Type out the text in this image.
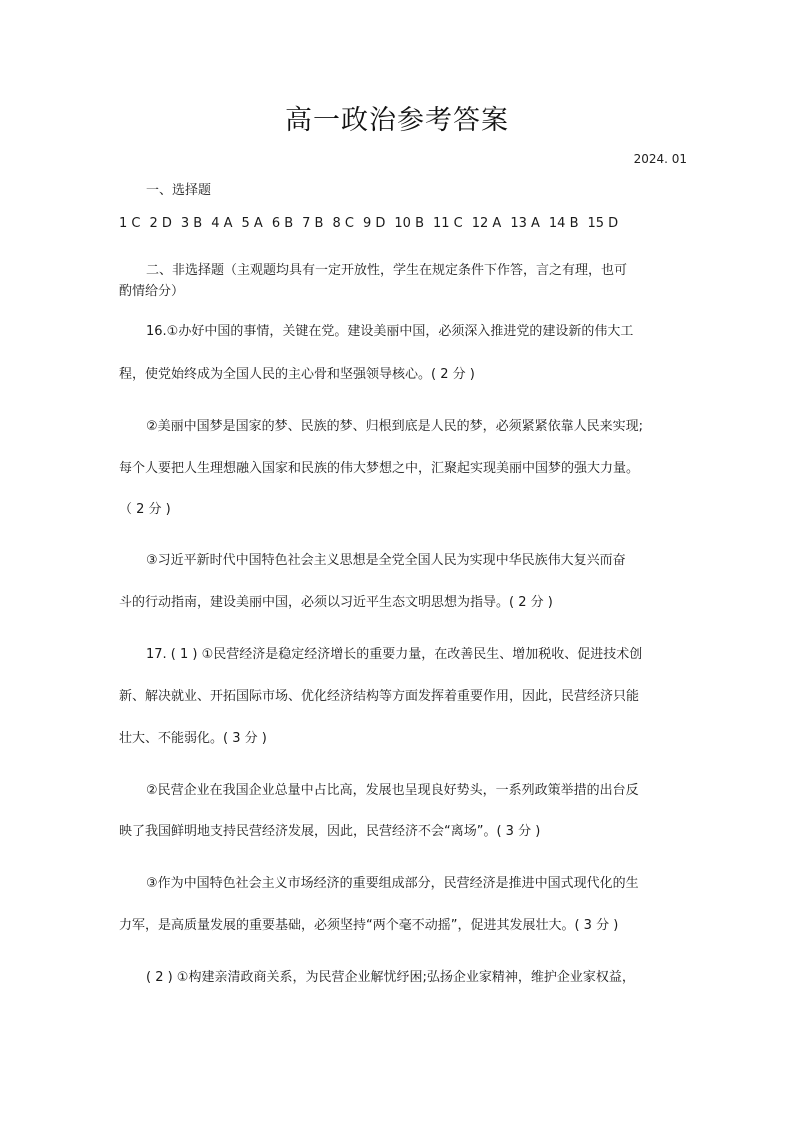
高一政治参考答案
2024. 01
一、选择题
1 C 2 D 3 B 4 A 5 A 6 B 7 B 8 C 9 D 10 B 11 C 12 A 13 A 14 B 15 D
二、非选择题（主观题均具有一定开放性，学生在规定条件下作答，言之有理，也可
酌情给分）
16.①办好中国的事情，关键在党。建设美丽中国，必须深入推进党的建设新的伟大工
程，使党始终成为全国人民的主心骨和坚强领导核心。( 2 分 )
②美丽中国梦是国家的梦、民族的梦、归根到底是人民的梦，必须紧紧依靠人民来实现;
每个人要把人生理想融入国家和民族的伟大梦想之中，汇聚起实现美丽中国梦的强大力量。
（ 2 分 )
③习近平新时代中国特色社会主义思想是全党全国人民为实现中华民族伟大复兴而奋
斗的行动指南，建设美丽中国，必须以习近平生态文明思想为指导。( 2 分 )
17. ( 1 ) ①民营经济是稳定经济增长的重要力量，在改善民生、增加税收、促进技术创
新、解决就业、开拓国际市场、优化经济结构等方面发挥着重要作用，因此，民营经济只能
壮大、不能弱化。( 3 分 )
②民营企业在我国企业总量中占比高，发展也呈现良好势头，一系列政策举措的出台反
映了我国鲜明地支持民营经济发展，因此，民营经济不会“离场”。( 3 分 )
③作为中国特色社会主义市场经济的重要组成部分，民营经济是推进中国式现代化的生
力军，是高质量发展的重要基础，必须坚持“两个毫不动摇”，促进其发展壮大。( 3 分 )
( 2 ) ①构建亲清政商关系，为民营企业解忧纾困;弘扬企业家精神，维护企业家权益，
